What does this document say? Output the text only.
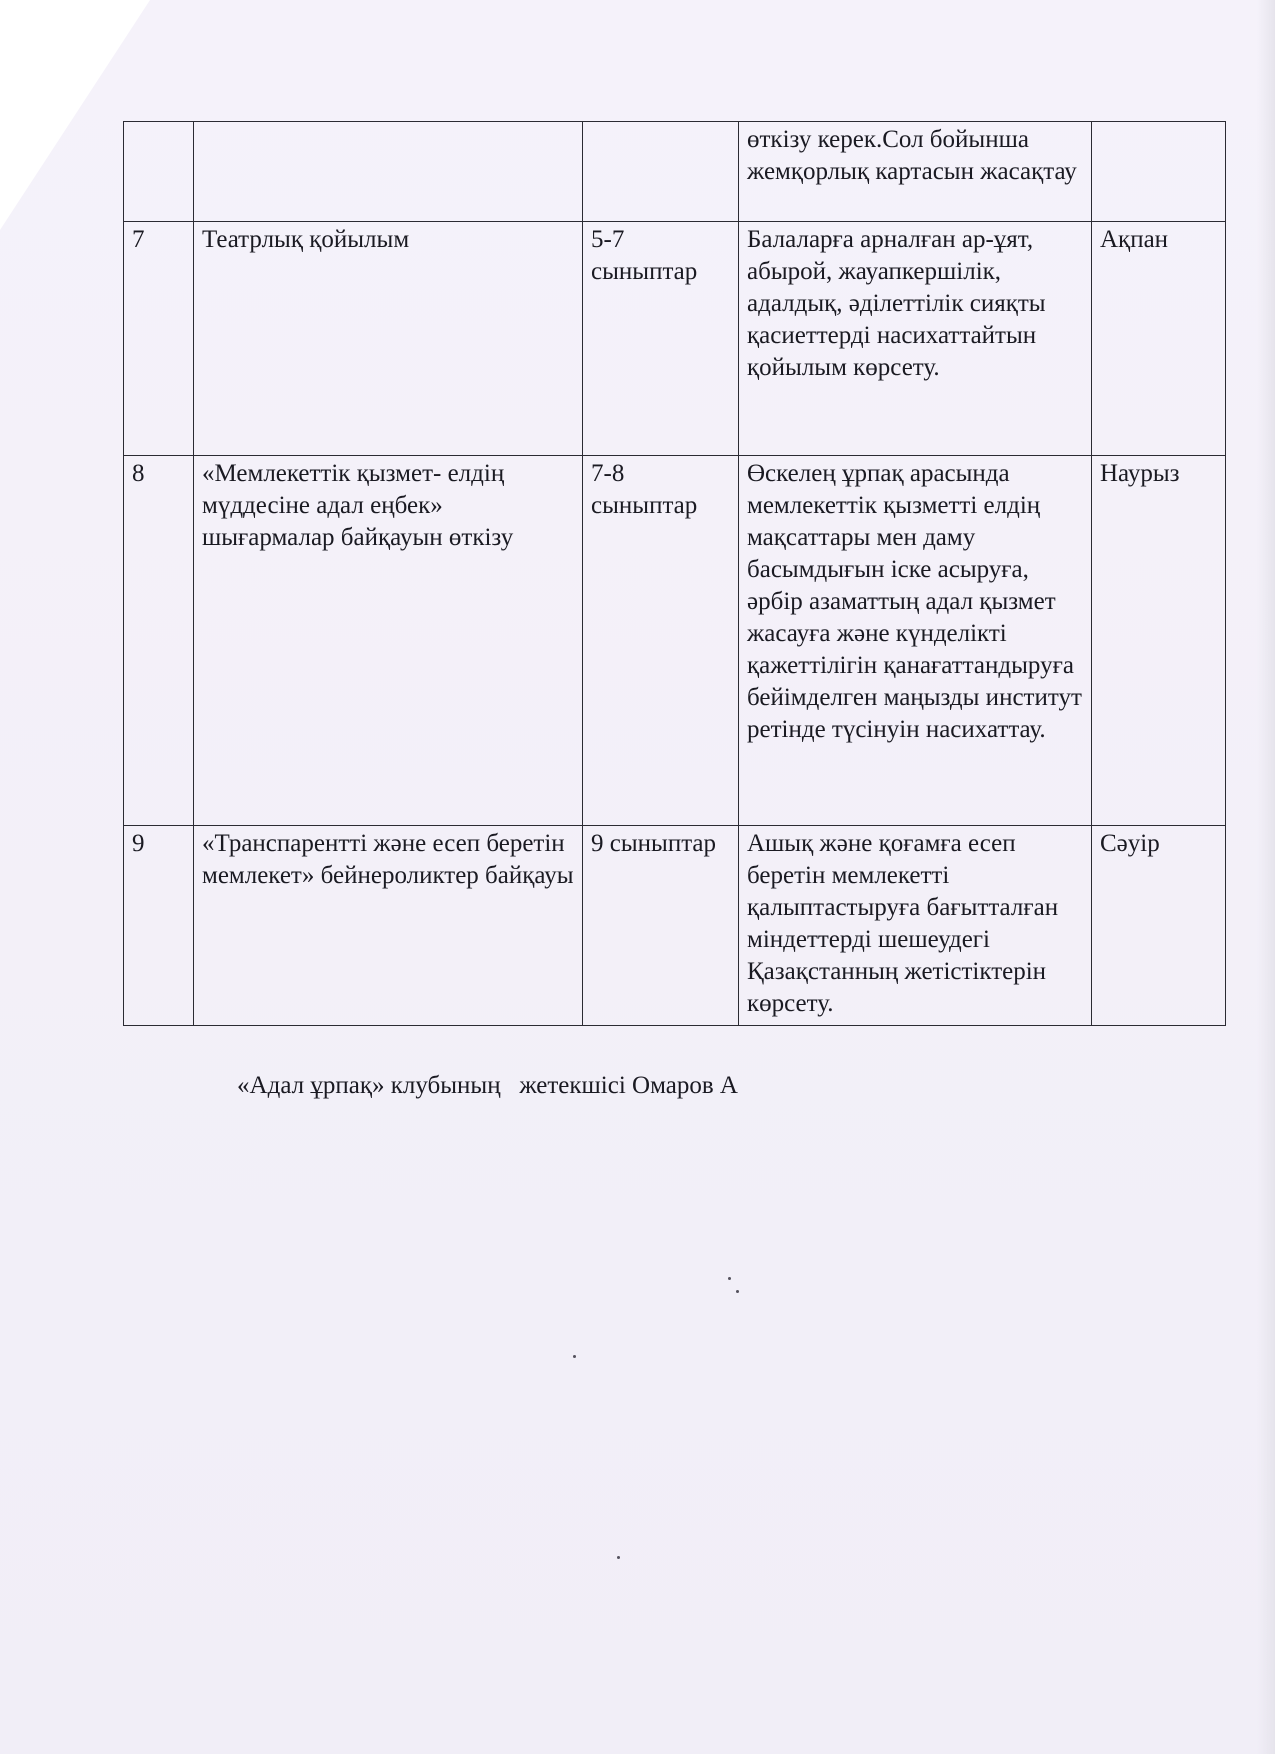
			өткізу керек.Сол бойынша жемқорлық картасын жасақтау	
7	Театрлық қойылым	5-7 сыныптар	Балаларға арналған ар-ұят, абырой, жауапкершілік, адалдық, әділеттілік сияқты қасиеттерді насихаттайтын қойылым көрсету.	Ақпан
8	«Мемлекеттік қызмет- елдің мүддесіне адал еңбек» шығармалар байқауын өткізу	7-8 сыныптар	Өскелең ұрпақ арасында мемлекеттік қызметті елдің мақсаттары мен даму басымдығын іске асыруға, әрбір азаматтың адал қызмет жасауға және күнделікті қажеттілігін қанағаттандыруға бейімделген маңызды институт ретінде түсінуін насихаттау.	Наурыз
9	«Транспарентті және есеп беретін мемлекет» бейнероликтер байқауы	9 сыныптар	Ашық және қоғамға есеп беретін мемлекетті қалыптастыруға бағытталған міндеттерді шешеудегі Қазақстанның жетістіктерін көрсету.	Сәуір
«Адал ұрпақ» клубының   жетекшісі Омаров А
